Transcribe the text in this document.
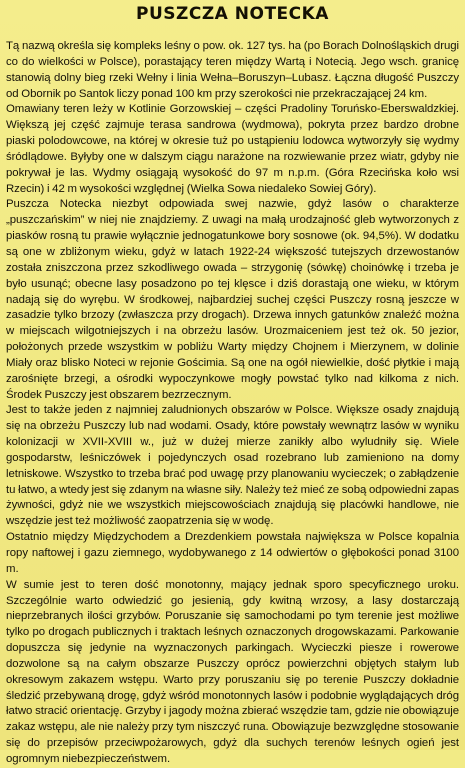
PUSZCZA NOTECKA

Tą nazwą określa się kompleks leśny o pow. ok. 127 tys. ha (po Borach Dolnośląskich drugi co do wielkości w Polsce), porastający teren między Wartą i Notecią. Jego wsch. granicę stanowią dolny bieg rzeki Wełny i linia Wełna–Boruszyn–Lubasz. Łączna długość Puszczy od Obornik po Santok liczy ponad 100 km przy szerokości nie przekraczającej 24 km.

Omawiany teren leży w Kotlinie Gorzowskiej – części Pradoliny Toruńsko-Eberswaldzkiej. Większą jej część zajmuje terasa sandrowa (wydmowa), pokryta przez bardzo drobne piaski polodowcowe, na której w okresie tuż po ustąpieniu lodowca wytworzyły się wydmy śródlądowe. Byłyby one w dalszym ciągu narażone na rozwiewanie przez wiatr, gdyby nie pokrywał je las. Wydmy osiągają wysokość do 97 m n.p.m. (Góra Rzecińska koło wsi Rzecin) i 42 m wysokości względnej (Wielka Sowa niedaleko Sowiej Góry).

Puszcza Notecka niezbyt odpowiada swej nazwie, gdyż lasów o charakterze „puszczańskim” w niej nie znajdziemy. Z uwagi na małą urodzajność gleb wytworzonych z piasków rosną tu prawie wyłącznie jednogatunkowe bory sosnowe (ok. 94,5%). W dodatku są one w zbliżonym wieku, gdyż w latach 1922-24 większość tutejszych drzewostanów została zniszczona przez szkodliwego owada – strzygonię (sówkę) choinówkę i trzeba je było usunąć; obecne lasy posadzono po tej klęsce i dziś dorastają one wieku, w którym nadają się do wyrębu. W środkowej, najbardziej suchej części Puszczy rosną jeszcze w zasadzie tylko brzozy (zwłaszcza przy drogach). Drzewa innych gatunków znaleźć można w miejscach wilgotniejszych i na obrzeżu lasów. Urozmaiceniem jest też ok. 50 jezior, położonych przede wszystkim w pobliżu Warty między Chojnem i Mierzynem, w dolinie Miały oraz blisko Noteci w rejonie Gościmia. Są one na ogół niewielkie, dość płytkie i mają zarośnięte brzegi, a ośrodki wypoczynkowe mogły powstać tylko nad kilkoma z nich. Środek Puszczy jest obszarem bezrzecznym.

Jest to także jeden z najmniej zaludnionych obszarów w Polsce. Większe osady znajdują się na obrzeżu Puszczy lub nad wodami. Osady, które powstały wewnątrz lasów w wyniku kolonizacji w XVII-XVIII w., już w dużej mierze zanikły albo wyludniły się. Wiele gospodarstw, leśniczówek i pojedynczych osad rozebrano lub zamieniono na domy letniskowe. Wszystko to trzeba brać pod uwagę przy planowaniu wycieczek; o zabłądzenie tu łatwo, a wtedy jest się zdanym na własne siły. Należy też mieć ze sobą odpowiedni zapas żywności, gdyż nie we wszystkich miejscowościach znajdują się placówki handlowe, nie wszędzie jest też możliwość zaopatrzenia się w wodę.

Ostatnio między Międzychodem a Drezdenkiem powstała największa w Polsce kopalnia ropy naftowej i gazu ziemnego, wydobywanego z 14 odwiertów o głębokości ponad 3100 m.

W sumie jest to teren dość monotonny, mający jednak sporo specyficznego uroku. Szczególnie warto odwiedzić go jesienią, gdy kwitną wrzosy, a lasy dostarczają nieprzebranych ilości grzybów. Poruszanie się samochodami po tym terenie jest możliwe tylko po drogach publicznych i traktach leśnych oznaczonych drogowskazami. Parkowanie dopuszcza się jedynie na wyznaczonych parkingach. Wycieczki piesze i rowerowe dozwolone są na całym obszarze Puszczy oprócz powierzchni objętych stałym lub okresowym zakazem wstępu. Warto przy poruszaniu się po terenie Puszczy dokładnie śledzić przebywaną drogę, gdyż wśród monotonnych lasów i podobnie wyglądających dróg łatwo stracić orientację. Grzyby i jagody można zbierać wszędzie tam, gdzie nie obowiązuje zakaz wstępu, ale nie należy przy tym niszczyć runa. Obowiązuje bezwzględne stosowanie się do przepisów przeciwpożarowych, gdyż dla suchych terenów leśnych ogień jest ogromnym niebezpieczeństwem.
